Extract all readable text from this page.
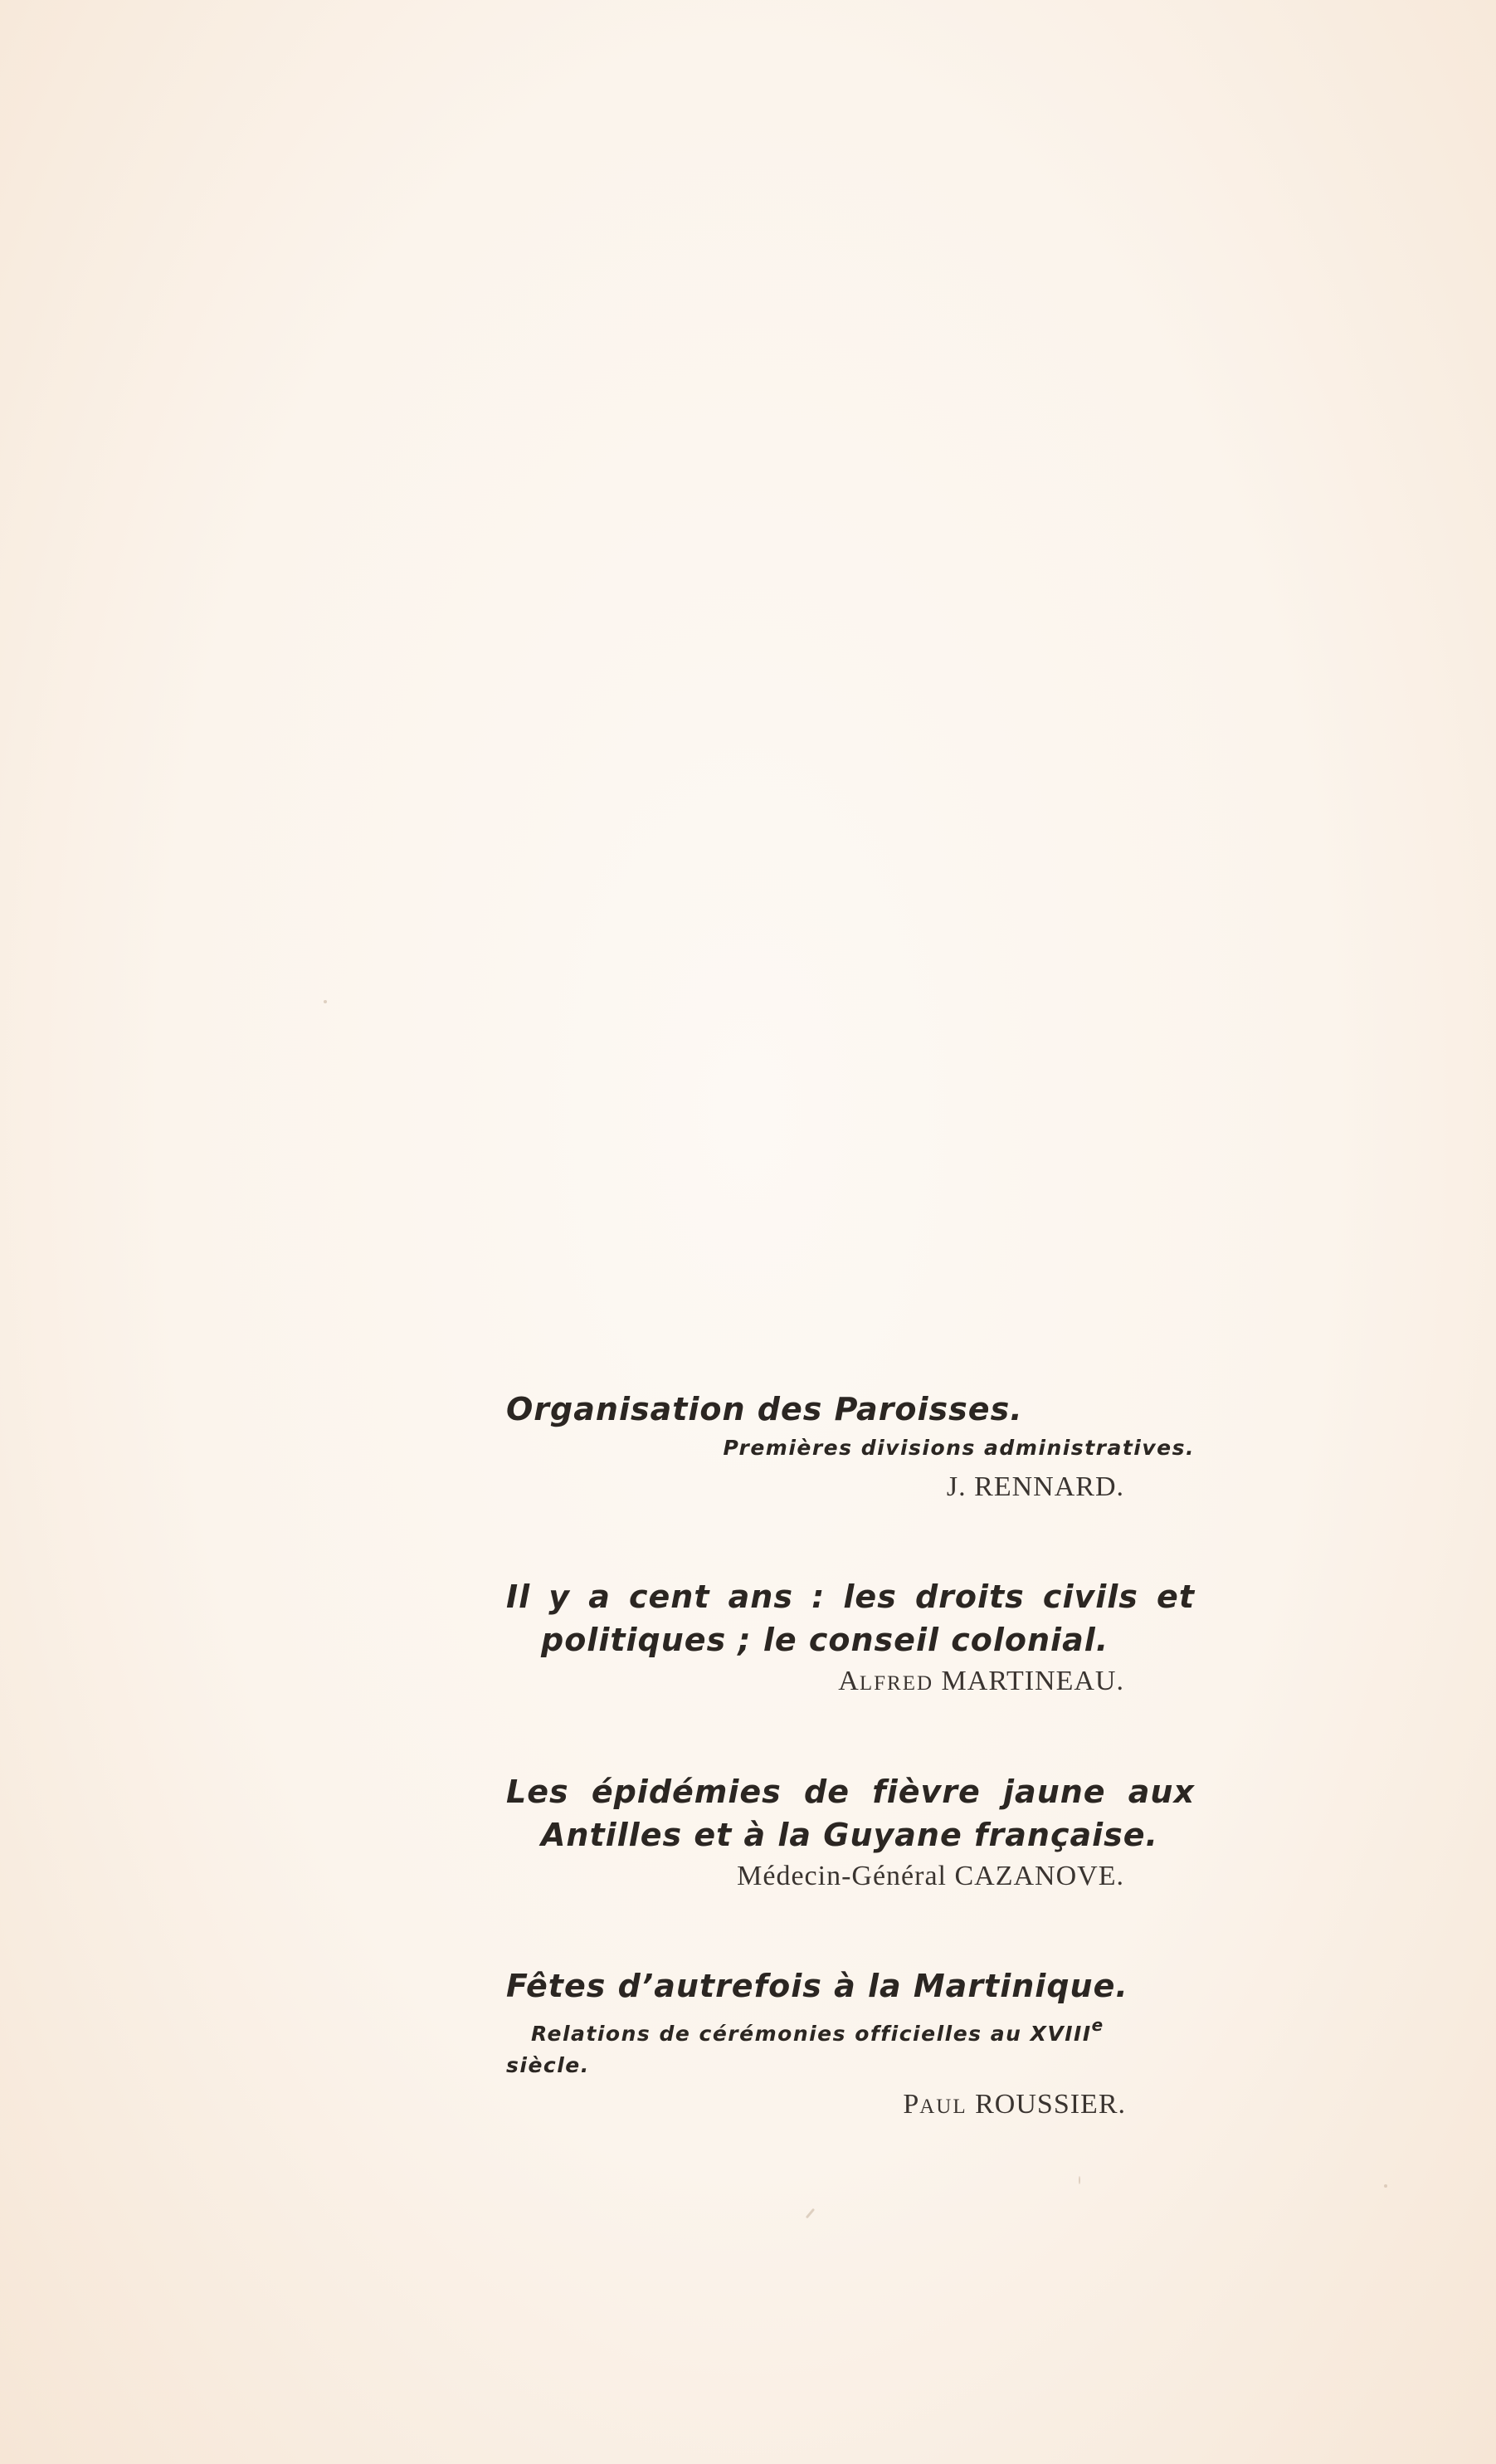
Organisation des Paroisses.

Premières divisions administratives.

J. RENNARD.

Il y a cent ans : les droits civils et
politiques ; le conseil colonial.

ALFRED MARTINEAU.

Les épidémies de fièvre jaune aux
Antilles et à la Guyane française.

Médecin-Général CAZANOVE.

Fêtes d’autrefois à la Martinique.

Relations de cérémonies officielles au XVIIIe

siècle.

PAUL ROUSSIER.
